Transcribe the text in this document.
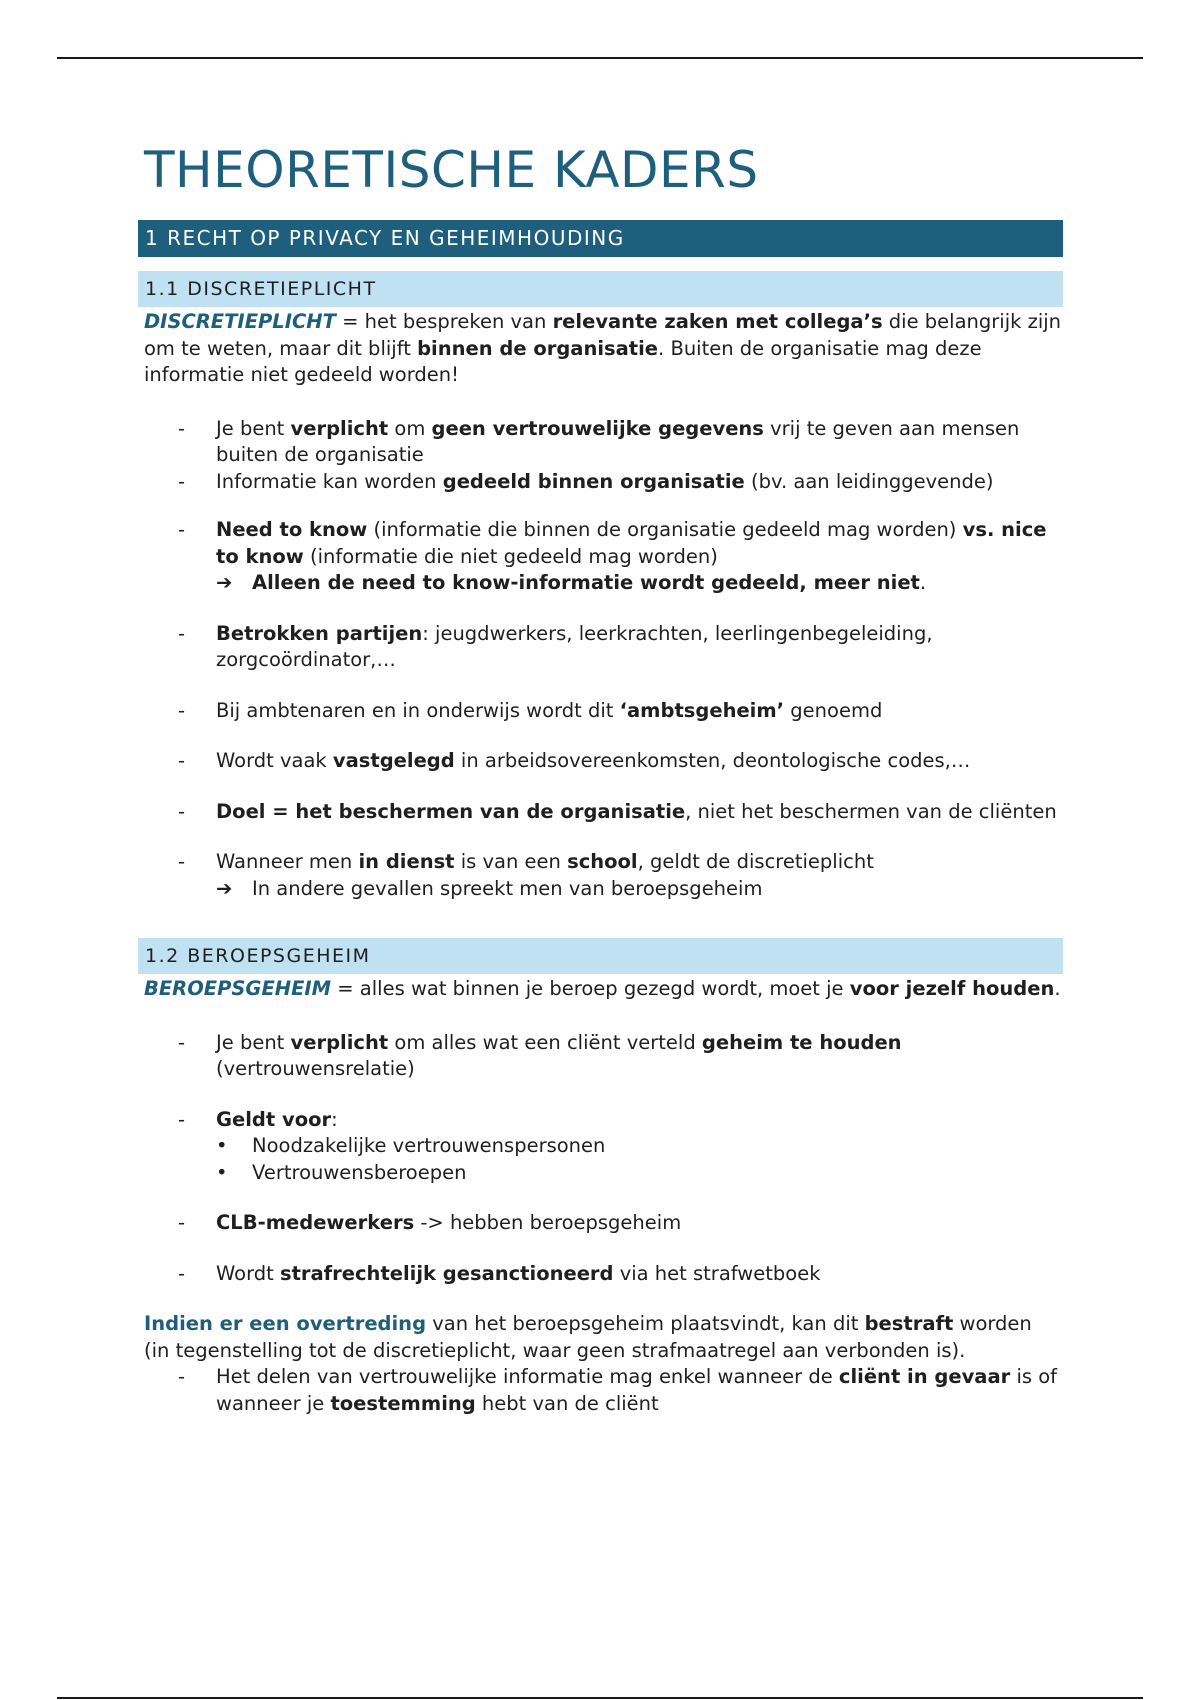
THEORETISCHE KADERS
1 RECHT OP PRIVACY EN GEHEIMHOUDING
1.1 DISCRETIEPLICHT

DISCRETIEPLICHT = het bespreken van relevante zaken met collega’s die belangrijk zijn om te weten, maar dit blijft binnen de organisatie. Buiten de organisatie mag deze informatie niet gedeeld worden!

- Je bent verplicht om geen vertrouwelijke gegevens vrij te geven aan mensen buiten de organisatie
- Informatie kan worden gedeeld binnen organisatie (bv. aan leidinggevende)
- Need to know (informatie die binnen de organisatie gedeeld mag worden) vs. nice to know (informatie die niet gedeeld mag worden)
➔	Alleen de need to know-informatie wordt gedeeld, meer niet.
- Betrokken partijen: jeugdwerkers, leerkrachten, leerlingenbegeleiding, zorgcoördinator,…
- Bij ambtenaren en in onderwijs wordt dit ‘ambtsgeheim’ genoemd
- Wordt vaak vastgelegd in arbeidsovereenkomsten, deontologische codes,…
- Doel = het beschermen van de organisatie, niet het beschermen van de cliënten
- Wanneer men in dienst is van een school, geldt de discretieplicht
➔	In andere gevallen spreekt men van beroepsgeheim
1.2 BEROEPSGEHEIM

BEROEPSGEHEIM = alles wat binnen je beroep gezegd wordt, moet je voor jezelf houden.

- Je bent verplicht om alles wat een cliënt verteld geheim te houden (vertrouwensrelatie)
- Geldt voor:
• Noodzakelijke vertrouwenspersonen
• Vertrouwensberoepen
- CLB-medewerkers -> hebben beroepsgeheim
- Wordt strafrechtelijk gesanctioneerd via het strafwetboek

Indien er een overtreding van het beroepsgeheim plaatsvindt, kan dit bestraft worden (in tegenstelling tot de discretieplicht, waar geen strafmaatregel aan verbonden is).

- Het delen van vertrouwelijke informatie mag enkel wanneer de cliënt in gevaar is of wanneer je toestemming hebt van de cliënt
